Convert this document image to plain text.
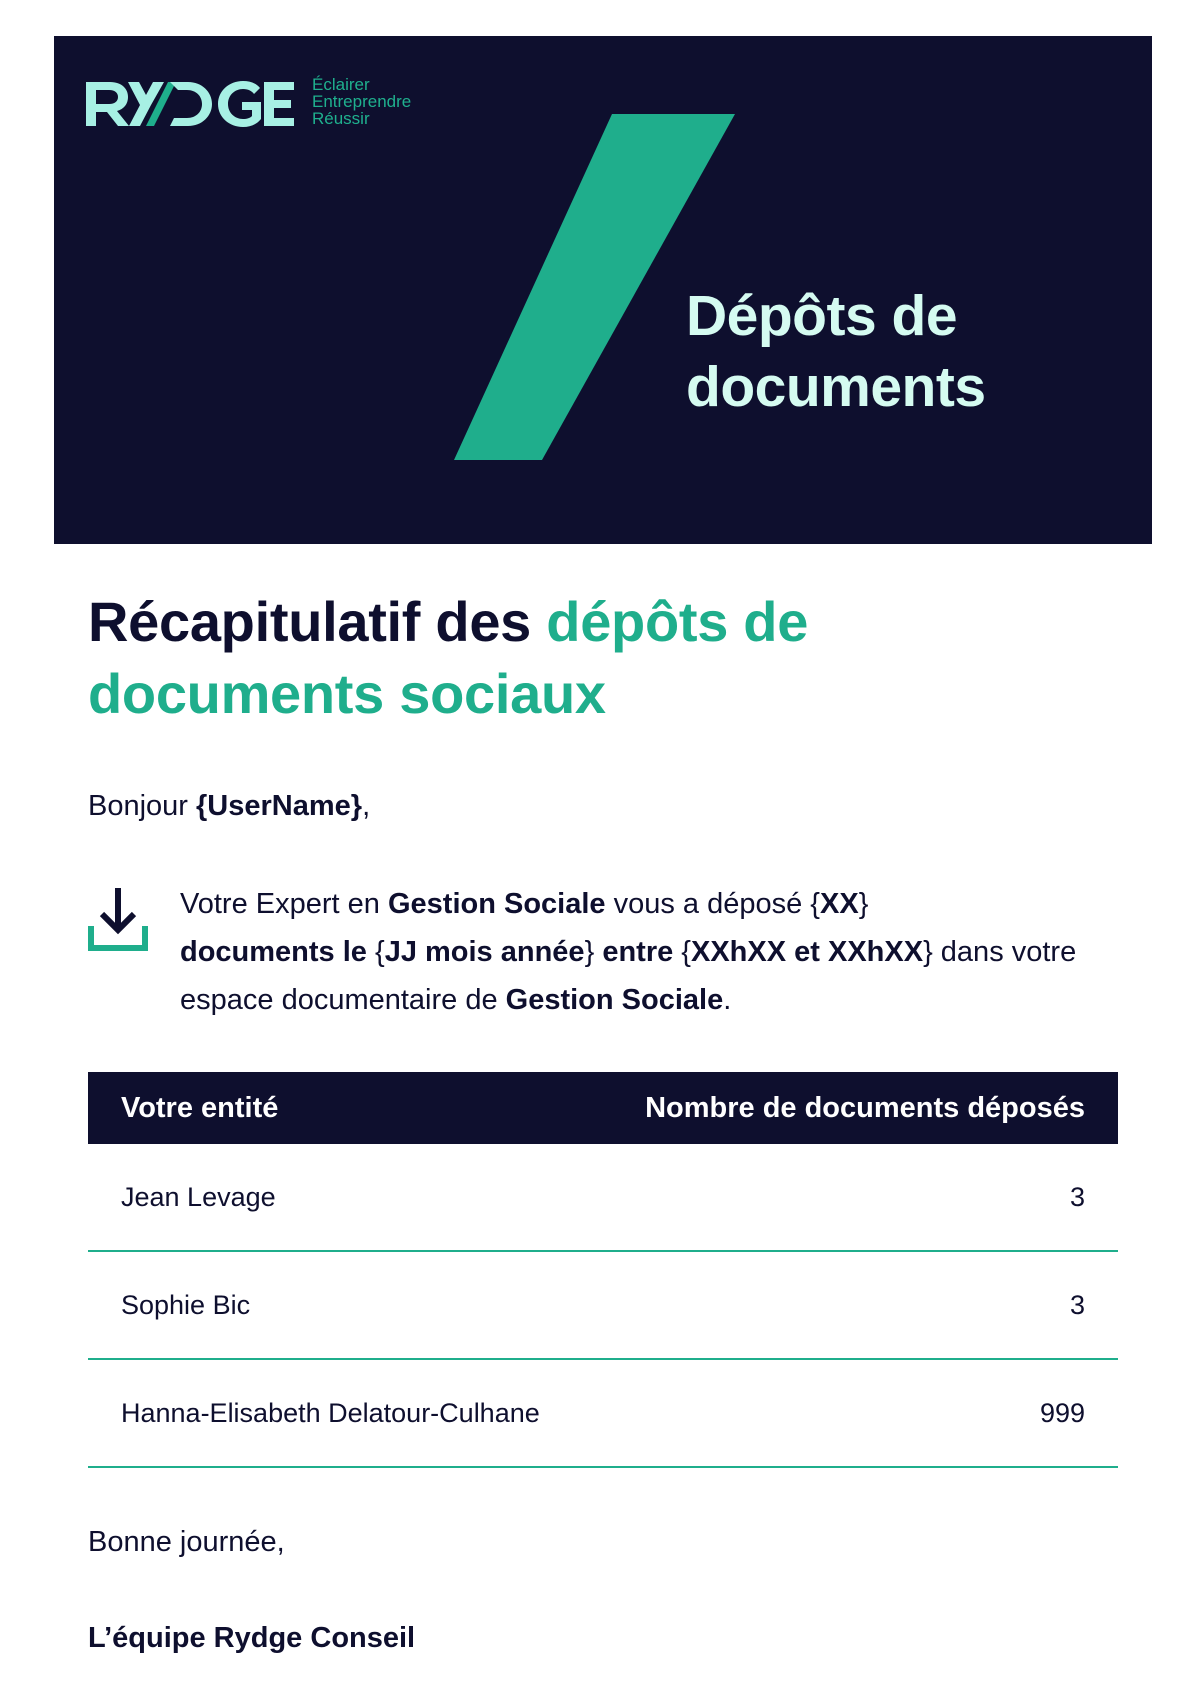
Éclairer
Entreprendre
Réussir
Dépôts de
documents
Récapitulatif des dépôts de
documents sociaux

Bonjour {UserName},

Votre Expert en Gestion Sociale vous a déposé {XX}
documents le {JJ mois année} entre {XXhXX et XXhXX} dans votre espace documentaire de Gestion Sociale.

Votre entité	Nombre de documents déposés
Jean Levage	3
Sophie Bic	3
Hanna-Elisabeth Delatour-Culhane	999

Bonne journée,

L’équipe Rydge Conseil
